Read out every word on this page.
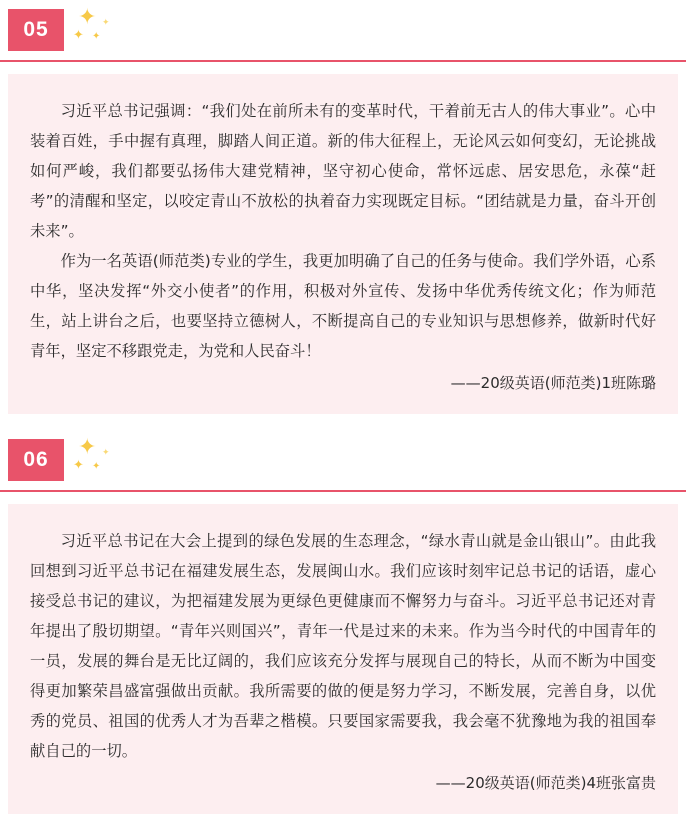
05
✦
✦ ✦
✦

习近平总书记强调：“我们处在前所未有的变革时代，干着前无古人的伟大事业”。心中装着百姓，手中握有真理，脚踏人间正道。新的伟大征程上，无论风云如何变幻，无论挑战如何严峻，我们都要弘扬伟大建党精神，坚守初心使命，常怀远虑、居安思危，永葆“赶考”的清醒和坚定，以咬定青山不放松的执着奋力实现既定目标。“团结就是力量，奋斗开创未来”。

作为一名英语(师范类)专业的学生，我更加明确了自己的任务与使命。我们学外语，心系中华，坚决发挥“外交小使者”的作用，积极对外宣传、发扬中华优秀传统文化；作为师范生，站上讲台之后，也要坚持立德树人，不断提高自己的专业知识与思想修养，做新时代好青年，坚定不移跟党走，为党和人民奋斗！

——20级英语(师范类)1班陈璐
06
✦
✦ ✦
✦

习近平总书记在大会上提到的绿色发展的生态理念，“绿水青山就是金山银山”。由此我回想到习近平总书记在福建发展生态，发展闽山水。我们应该时刻牢记总书记的话语，虚心接受总书记的建议，为把福建发展为更绿色更健康而不懈努力与奋斗。习近平总书记还对青年提出了殷切期望。“青年兴则国兴”，青年一代是过来的未来。作为当今时代的中国青年的一员，发展的舞台是无比辽阔的，我们应该充分发挥与展现自己的特长，从而不断为中国变得更加繁荣昌盛富强做出贡献。我所需要的做的便是努力学习，不断发展，完善自身，以优秀的党员、祖国的优秀人才为吾辈之楷模。只要国家需要我，我会毫不犹豫地为我的祖国奉献自己的一切。

——20级英语(师范类)4班张富贵
